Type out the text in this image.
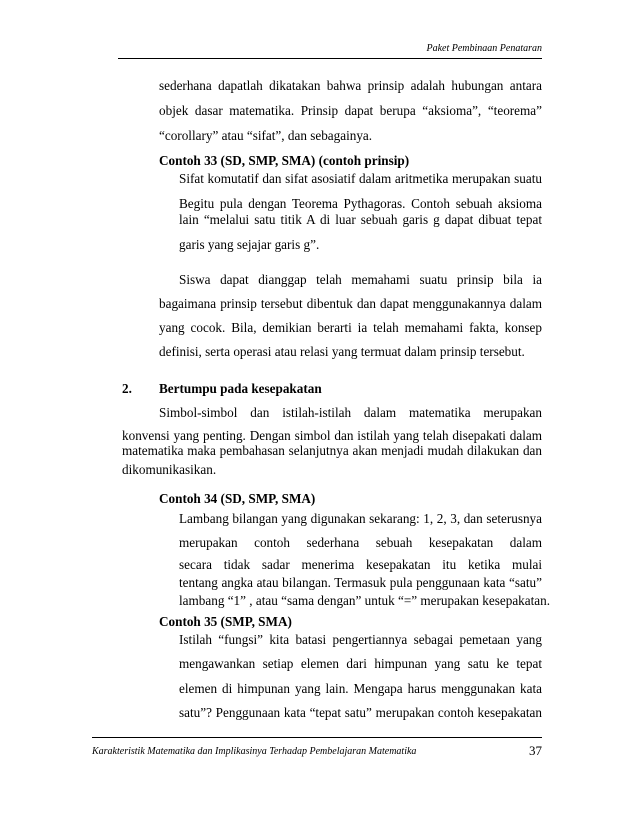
Paket Pembinaan Penataran
sederhana dapatlah dikatakan bahwa prinsip adalah hubungan antara
objek dasar matematika. Prinsip dapat berupa “aksioma”, “teorema”
“corollary” atau “sifat”, dan sebagainya.
Contoh 33 (SD, SMP, SMA) (contoh prinsip)
Sifat komutatif dan sifat asosiatif dalam aritmetika merupakan suatu
Begitu pula dengan Teorema Pythagoras. Contoh sebuah aksioma
lain “melalui satu titik A di luar sebuah garis g dapat dibuat tepat
garis yang sejajar garis g”.
Siswa dapat dianggap telah memahami suatu prinsip bila ia
bagaimana prinsip tersebut dibentuk dan dapat menggunakannya dalam
yang cocok. Bila, demikian berarti ia telah memahami fakta, konsep
definisi, serta operasi atau relasi yang termuat dalam prinsip tersebut.
2. Bertumpu pada kesepakatan
Simbol-simbol dan istilah-istilah dalam matematika merupakan
konvensi yang penting. Dengan simbol dan istilah yang telah disepakati dalam
matematika maka pembahasan selanjutnya akan menjadi mudah dilakukan dan
dikomunikasikan.
Contoh 34 (SD, SMP, SMA)
Lambang bilangan yang digunakan sekarang: 1, 2, 3, dan seterusnya
merupakan contoh sederhana sebuah kesepakatan dalam
secara tidak sadar menerima kesepakatan itu ketika mulai
tentang angka atau bilangan. Termasuk pula penggunaan kata “satu”
lambang “1” , atau “sama dengan” untuk “=” merupakan kesepakatan.
Contoh 35 (SMP, SMA)
Istilah “fungsi” kita batasi pengertiannya sebagai pemetaan yang
mengawankan setiap elemen dari himpunan yang satu ke tepat
elemen di himpunan yang lain. Mengapa harus menggunakan kata
satu”? Penggunaan kata “tepat satu” merupakan contoh kesepakatan
Karakteristik Matematika dan Implikasinya Terhadap Pembelajaran Matematika	37
